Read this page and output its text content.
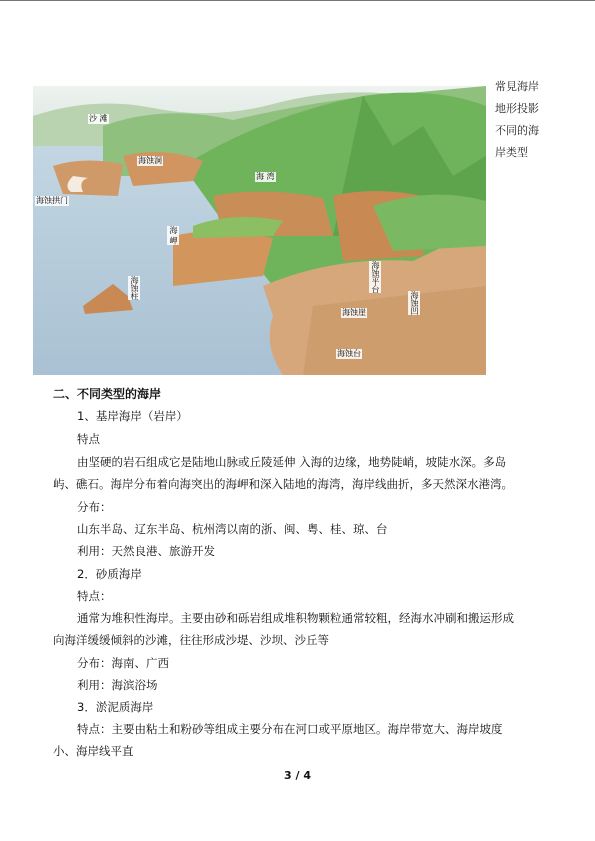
沙 滩
海蚀洞
海蚀拱门
海 湾
海 岬
海蚀柱	海蚀平台
海蚀崖	海蚀凹
海蚀台
常見海岸地形投影不同的海岸类型
二、不同类型的海岸
1、基岸海岸（岩岸）
特点
由坚硬的岩石组成它是陆地山脉或丘陵延伸 入海的边缘，地势陡峭，坡陡水深。多岛
屿、礁石。海岸分布着向海突出的海岬和深入陆地的海湾，海岸线曲折，多天然深水港湾。
分布：
山东半岛、辽东半岛、杭州湾以南的浙、闽、粤、桂、琼、台
利用：天然良港、旅游开发
2．砂质海岸
特点：
通常为堆积性海岸。主要由砂和砾岩组成堆积物颗粒通常较粗，经海水冲刷和搬运形成
向海洋缓缓倾斜的沙滩，往往形成沙堤、沙坝、沙丘等
分布：海南、广西
利用：海滨浴场
3．淤泥质海岸
特点：主要由粘土和粉砂等组成主要分布在河口或平原地区。海岸带宽大、海岸坡度
小、海岸线平直
3 / 4
